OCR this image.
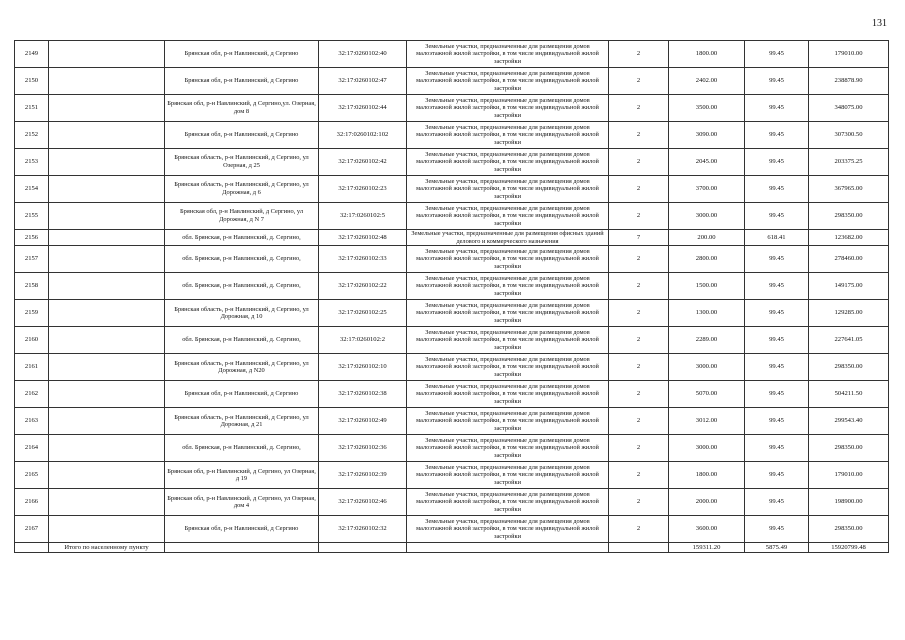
131
2149		Брянская обл, р-н Навлинский, д Сергино	32:17:0260102:40	Земельные участки, предназначенные для размещения домов малоэтажной жилой застройки, в том числе индивидуальной жилой застройки	2	1800.00	99.45	179010.00
2150		Брянская обл, р-н Навлинский, д Сергино	32:17:0260102:47	Земельные участки, предназначенные для размещения домов малоэтажной жилой застройки, в том числе индивидуальной жилой застройки	2	2402.00	99.45	238878.90
2151		Брянская обл, р-н Навлинский, д Сергино,ул. Озерная, дом 8	32:17:0260102:44	Земельные участки, предназначенные для размещения домов малоэтажной жилой застройки, в том числе индивидуальной жилой застройки	2	3500.00	99.45	348075.00
2152		Брянская обл, р-н Навлинский, д Сергино	32:17:0260102:102	Земельные участки, предназначенные для размещения домов малоэтажной жилой застройки, в том числе индивидуальной жилой застройки	2	3090.00	99.45	307300.50
2153		Брянская область, р-н Навлинский, д Сергино, ул Озерная, д 25	32:17:0260102:42	Земельные участки, предназначенные для размещения домов малоэтажной жилой застройки, в том числе индивидуальной жилой застройки	2	2045.00	99.45	203375.25
2154		Брянская область, р-н Навлинский, д Сергино, ул Дорожная, д 6	32:17:0260102:23	Земельные участки, предназначенные для размещения домов малоэтажной жилой застройки, в том числе индивидуальной жилой застройки	2	3700.00	99.45	367965.00
2155		Брянская обл, р-н Навлинский, д Сергино, ул Дорожная, д N 7	32:17:0260102:5	Земельные участки, предназначенные для размещения домов малоэтажной жилой застройки, в том числе индивидуальной жилой застройки	2	3000.00	99.45	298350.00
2156		обл. Брянская, р-н Навлинский, д. Сергино,	32:17:0260102:48	Земельные участки, предназначенные для размещения офисных зданий делового и коммерческого назначения	7	200.00	618.41	123682.00
2157		обл. Брянская, р-н Навлинский, д. Сергино,	32:17:0260102:33	Земельные участки, предназначенные для размещения домов малоэтажной жилой застройки, в том числе индивидуальной жилой застройки	2	2800.00	99.45	278460.00
2158		обл. Брянская, р-н Навлинский, д. Сергино,	32:17:0260102:22	Земельные участки, предназначенные для размещения домов малоэтажной жилой застройки, в том числе индивидуальной жилой застройки	2	1500.00	99.45	149175.00
2159		Брянская область, р-н Навлинский, д Сергино, ул Дорожная, д 10	32:17:0260102:25	Земельные участки, предназначенные для размещения домов малоэтажной жилой застройки, в том числе индивидуальной жилой застройки	2	1300.00	99.45	129285.00
2160		обл. Брянская, р-н Навлинский, д. Сергино,	32:17:0260102:2	Земельные участки, предназначенные для размещения домов малоэтажной жилой застройки, в том числе индивидуальной жилой застройки	2	2289.00	99.45	227641.05
2161		Брянская область, р-н Навлинский, д Сергино, ул Дорожная, д N20	32:17:0260102:10	Земельные участки, предназначенные для размещения домов малоэтажной жилой застройки, в том числе индивидуальной жилой застройки	2	3000.00	99.45	298350.00
2162		Брянская обл, р-н Навлинский, д Сергино	32:17:0260102:38	Земельные участки, предназначенные для размещения домов малоэтажной жилой застройки, в том числе индивидуальной жилой застройки	2	5070.00	99.45	504211.50
2163		Брянская область, р-н Навлинский, д Сергино, ул Дорожная, д 21	32:17:0260102:49	Земельные участки, предназначенные для размещения домов малоэтажной жилой застройки, в том числе индивидуальной жилой застройки	2	3012.00	99.45	299543.40
2164		обл. Брянская, р-н Навлинский, д. Сергино,	32:17:0260102:36	Земельные участки, предназначенные для размещения домов малоэтажной жилой застройки, в том числе индивидуальной жилой застройки	2	3000.00	99.45	298350.00
2165		Брянская обл, р-н Навлинский, д Сергино, ул Озерная, д 19	32:17:0260102:39	Земельные участки, предназначенные для размещения домов малоэтажной жилой застройки, в том числе индивидуальной жилой застройки	2	1800.00	99.45	179010.00
2166		Брянская обл, р-н Навлинский, д Сергино, ул Озерная, дом 4	32:17:0260102:46	Земельные участки, предназначенные для размещения домов малоэтажной жилой застройки, в том числе индивидуальной жилой застройки	2	2000.00	99.45	198900.00
2167		Брянская обл, р-н Навлинский, д Сергино	32:17:0260102:32	Земельные участки, предназначенные для размещения домов малоэтажной жилой застройки, в том числе индивидуальной жилой застройки	2	3600.00	99.45	298350.00
	Итого по населенному пункту					159311.20	5875.49	15920799.48
